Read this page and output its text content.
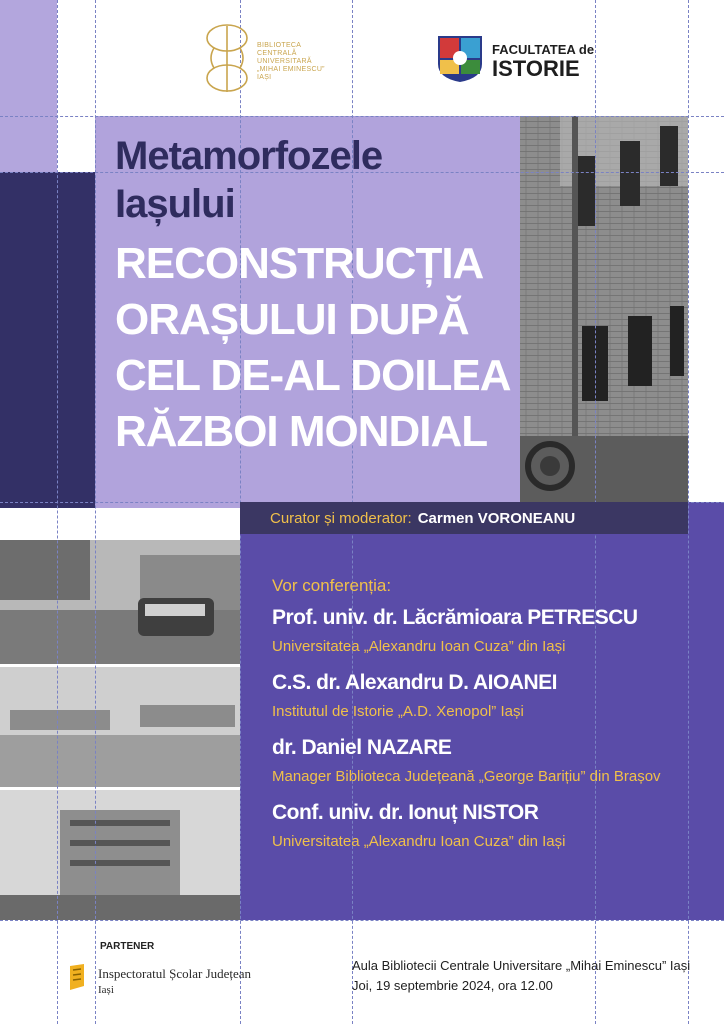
BIBLIOTECA
CENTRALĂ
UNIVERSITARĂ
„MIHAI EMINESCU”
IAȘI
FACULTATEA de
ISTORIE
Metamorfozele
Iașului
RECONSTRUCȚIA
ORAȘULUI DUPĂ
CEL DE-AL DOILEA
RĂZBOI MONDIAL
Curator și moderator: Carmen VORONEANU
Vor conferenția:
Prof. univ. dr. Lăcrămioara PETRESCU
Universitatea „Alexandru Ioan Cuza” din Iași
C.S. dr. Alexandru D. AIOANEI
Institutul de Istorie „A.D. Xenopol” Iași
dr. Daniel NAZARE
Manager Biblioteca Județeană „George Barițiu” din Brașov
Conf. univ. dr. Ionuț NISTOR
Universitatea „Alexandru Ioan Cuza” din Iași
PARTENER
Inspectoratul Școlar Județean
Iași
Aula Bibliotecii Centrale Universitare „Mihai Eminescu” Iași
Joi, 19 septembrie 2024, ora 12.00
